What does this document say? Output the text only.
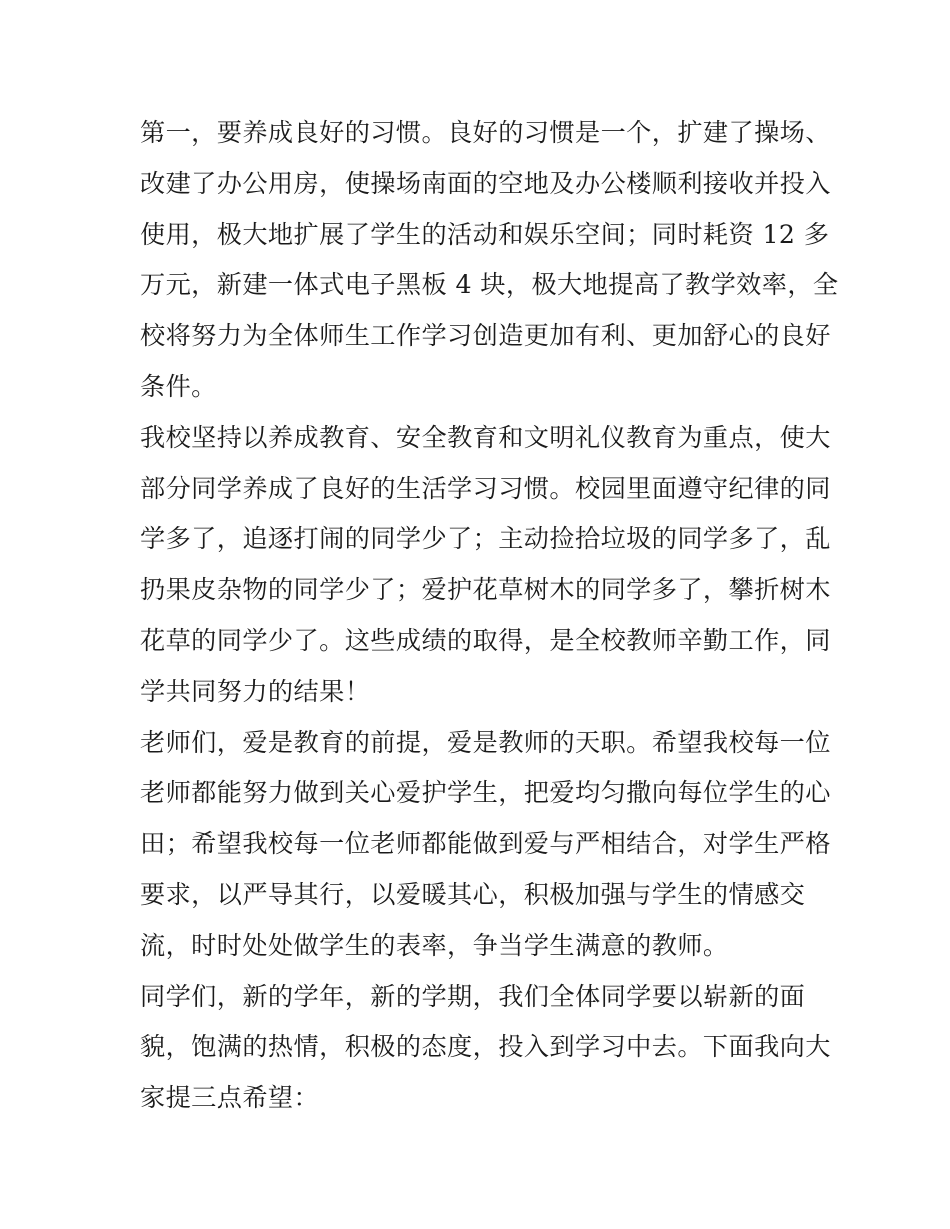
第一，要养成良好的习惯。良好的习惯是一个，扩建了操场、
改建了办公用房，使操场南面的空地及办公楼顺利接收并投入
使用，极大地扩展了学生的活动和娱乐空间；同时耗资 12 多
万元，新建一体式电子黑板 4 块，极大地提高了教学效率，全
校将努力为全体师生工作学习创造更加有利、更加舒心的良好
条件。

我校坚持以养成教育、安全教育和文明礼仪教育为重点，使大
部分同学养成了良好的生活学习习惯。校园里面遵守纪律的同
学多了，追逐打闹的同学少了；主动捡拾垃圾的同学多了，乱
扔果皮杂物的同学少了；爱护花草树木的同学多了，攀折树木
花草的同学少了。这些成绩的取得，是全校教师辛勤工作，同
学共同努力的结果！

老师们，爱是教育的前提，爱是教师的天职。希望我校每一位
老师都能努力做到关心爱护学生，把爱均匀撒向每位学生的心
田；希望我校每一位老师都能做到爱与严相结合，对学生严格
要求，以严导其行，以爱暖其心，积极加强与学生的情感交
流，时时处处做学生的表率，争当学生满意的教师。

同学们，新的学年，新的学期，我们全体同学要以崭新的面
貌，饱满的热情，积极的态度，投入到学习中去。下面我向大
家提三点希望：
